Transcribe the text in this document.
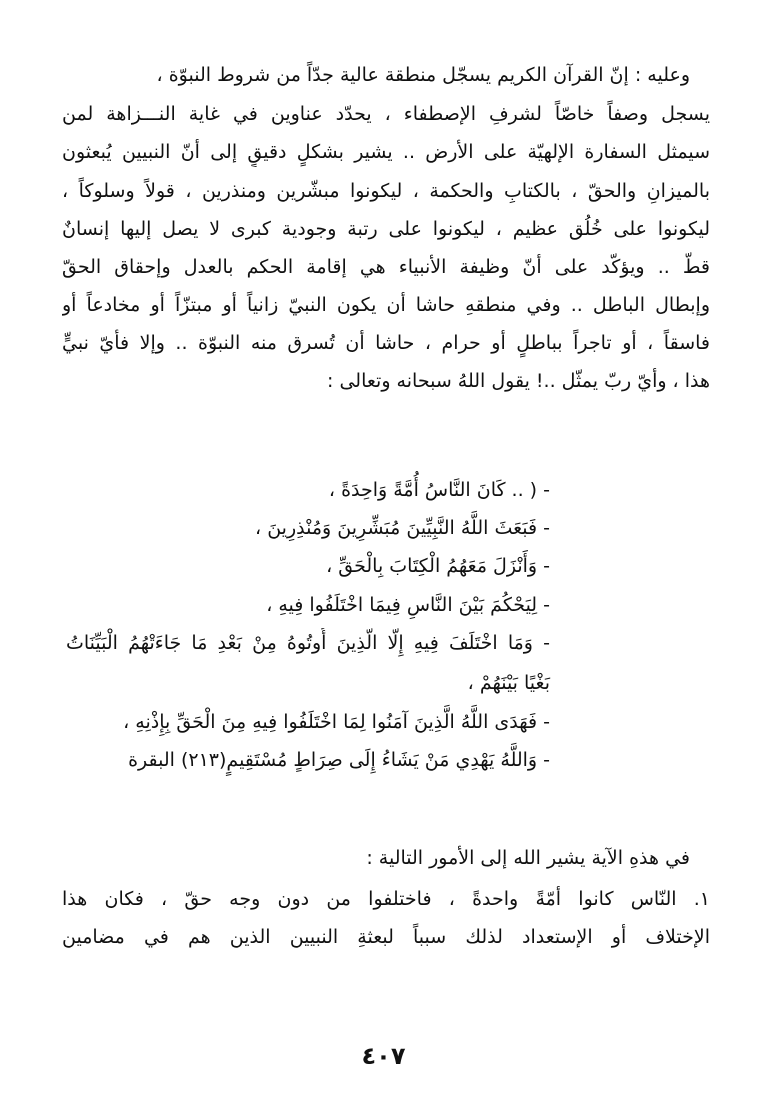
وعليه : إنّ القرآن الكريم يسجّل منطقة عالية جدّاً من شروط النبوّة ،
يسجل وصفاً خاصّاً لشرفِ الإصطفاء ، يحدّد عناوين في غاية النـــزاهة لمن
سيمثل السفارة الإلهيّة على الأرض .. يشير بشكلٍ دقيقٍ إلى أنّ النبيين يُبعثون
بالميزانِ والحقّ ، بالكتابِ والحكمة ، ليكونوا مبشّرين ومنذرين ، قولاً وسلوكاً ،
ليكونوا على خُلُق عظيم ، ليكونوا على رتبة وجودية كبرى لا يصل إليها إنسانٌ
قطّ .. ويؤكّد على أنّ وظيفة الأنبياء هي إقامة الحكم بالعدل وإحقاق الحقّ
وإبطال الباطل .. وفي منطقهِ حاشا أن يكون النبيّ زانياً أو مبتزّاً أو مخادعاً أو
فاسقاً ، أو تاجراً بباطلٍ أو حرام ، حاشا أن تُسرق منه النبوّة .. وإلا فأيّ نبيٍّ
هذا ، وأيّ ربّ يمثّل ..! يقول اللهُ سبحانه وتعالى :
- ( .. كَانَ النَّاسُ أُمَّةً وَاحِدَةً ،
- فَبَعَثَ اللَّهُ النَّبِيِّينَ مُبَشِّرِينَ وَمُنْذِرِينَ ،
- وَأَنْزَلَ مَعَهُمُ الْكِتَابَ بِالْحَقِّ ،
- لِيَحْكُمَ بَيْنَ النَّاسِ فِيمَا اخْتَلَفُوا فِيهِ ،
- وَمَا اخْتَلَفَ فِيهِ إِلَّا الَّذِينَ أُوتُوهُ مِنْ بَعْدِ مَا جَاءَتْهُمُ الْبَيِّنَاتُ
بَغْيًا بَيْنَهُمْ ،
- فَهَدَى اللَّهُ الَّذِينَ آمَنُوا لِمَا اخْتَلَفُوا فِيهِ مِنَ الْحَقِّ بِإِذْنِهِ ،
- وَاللَّهُ يَهْدِي مَنْ يَشَاءُ إِلَى صِرَاطٍ مُسْتَقِيمٍ(٢١٣) البقرة
في هذهِ الآية يشير الله إلى الأمور التالية :
١. النّاس كانوا أمّةً واحدةً ، فاختلفوا من دون وجه حقّ ، فكان هذا
الإختلاف أو الإستعداد لذلك سبباً لبعثةِ النبيين الذين هم في مضامين
٤٠٧
